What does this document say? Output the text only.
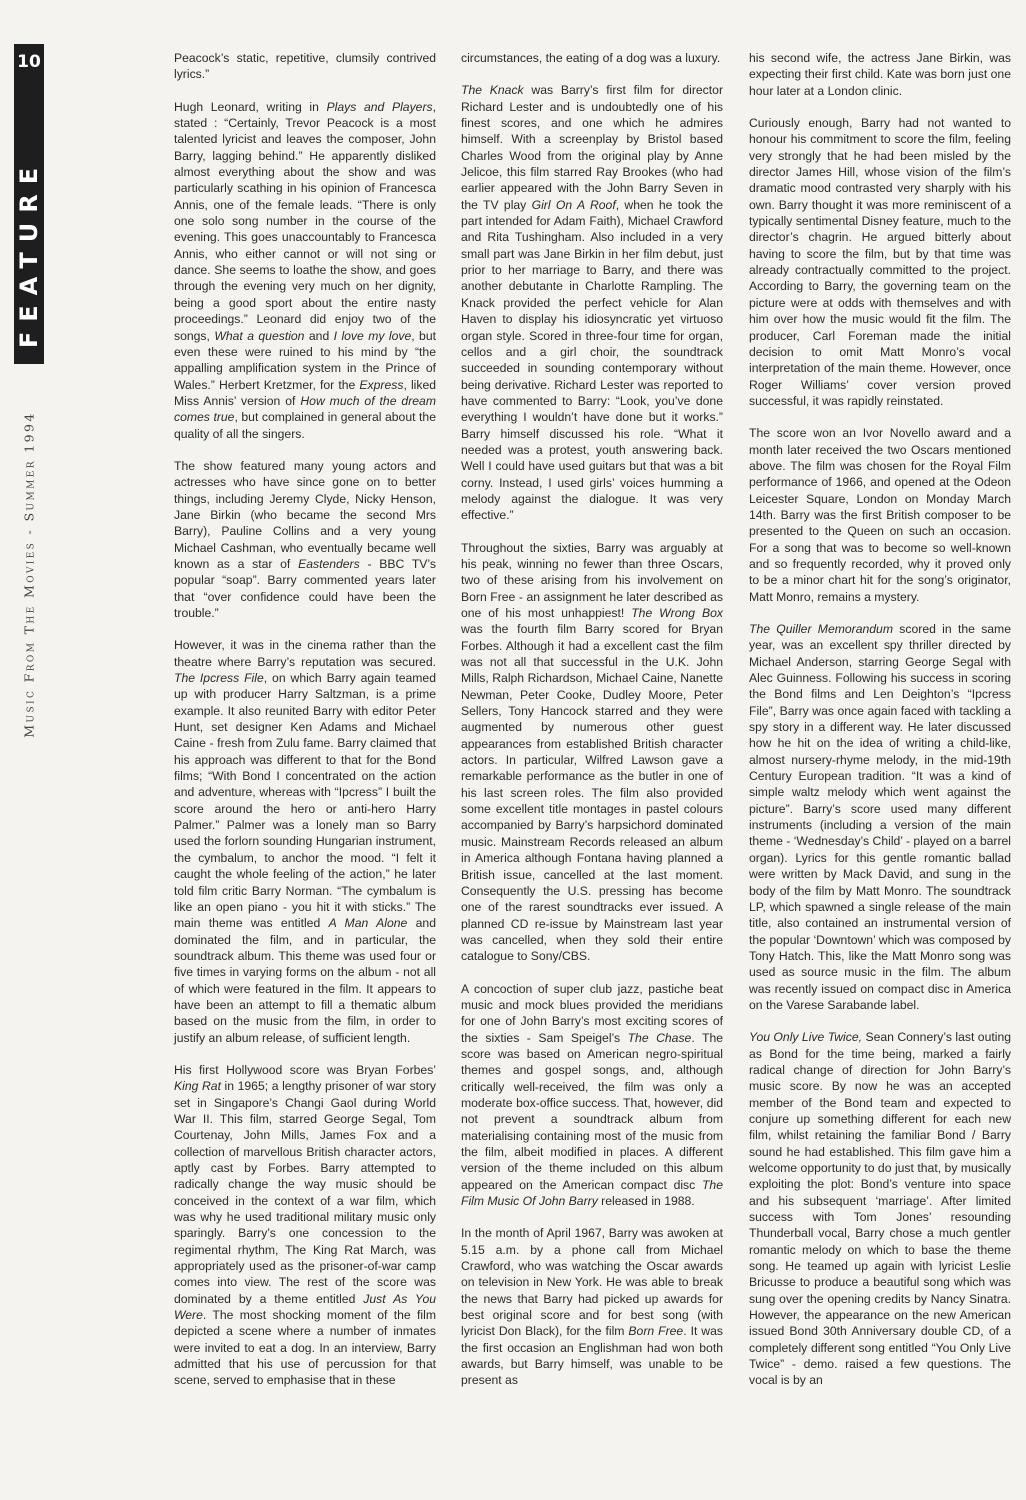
10
FEATURE
Music From The Movies - Summer 1994

Peacock’s static, repetitive, clumsily contrived lyrics.”

Hugh Leonard, writing in Plays and Players, stated : “Certainly, Trevor Peacock is a most talented lyricist and leaves the composer, John Barry, lagging behind.” He apparently disliked almost everything about the show and was particularly scathing in his opinion of Francesca Annis, one of the female leads. “There is only one solo song number in the course of the evening. This goes unaccountably to Francesca Annis, who either cannot or will not sing or dance. She seems to loathe the show, and goes through the evening very much on her dignity, being a good sport about the entire nasty proceedings.” Leonard did enjoy two of the songs, What a question and I love my love, but even these were ruined to his mind by “the appalling amplification system in the Prince of Wales.” Herbert Kretzmer, for the Express, liked Miss Annis’ version of How much of the dream comes true, but complained in general about the quality of all the singers.

The show featured many young actors and actresses who have since gone on to better things, including Jeremy Clyde, Nicky Henson, Jane Birkin (who became the second Mrs Barry), Pauline Collins and a very young Michael Cashman, who eventually became well known as a star of Eastenders - BBC TV’s popular “soap”. Barry commented years later that “over confidence could have been the trouble.”

However, it was in the cinema rather than the theatre where Barry’s reputation was secured. The Ipcress File, on which Barry again teamed up with producer Harry Saltzman, is a prime example. It also reunited Barry with editor Peter Hunt, set designer Ken Adams and Michael Caine - fresh from Zulu fame. Barry claimed that his approach was different to that for the Bond films; “With Bond I concentrated on the action and adventure, whereas with “Ipcress” I built the score around the hero or anti-hero Harry Palmer.” Palmer was a lonely man so Barry used the forlorn sounding Hungarian instrument, the cymbalum, to anchor the mood. “I felt it caught the whole feeling of the action,” he later told film critic Barry Norman. “The cymbalum is like an open piano - you hit it with sticks.” The main theme was entitled A Man Alone and dominated the film, and in particular, the soundtrack album. This theme was used four or five times in varying forms on the album - not all of which were featured in the film. It appears to have been an attempt to fill a thematic album based on the music from the film, in order to justify an album release, of sufficient length.

His first Hollywood score was Bryan Forbes’ King Rat in 1965; a lengthy prisoner of war story set in Singapore’s Changi Gaol during World War II. This film, starred George Segal, Tom Courtenay, John Mills, James Fox and a collection of marvellous British character actors, aptly cast by Forbes. Barry attempted to radically change the way music should be conceived in the context of a war film, which was why he used traditional military music only sparingly. Barry’s one concession to the regimental rhythm, The King Rat March, was appropriately used as the prisoner-of-war camp comes into view. The rest of the score was dominated by a theme entitled Just As You Were. The most shocking moment of the film depicted a scene where a number of inmates were invited to eat a dog. In an interview, Barry admitted that his use of percussion for that scene, served to emphasise that in these

circumstances, the eating of a dog was a luxury.

The Knack was Barry’s first film for director Richard Lester and is undoubtedly one of his finest scores, and one which he admires himself. With a screenplay by Bristol based Charles Wood from the original play by Anne Jelicoe, this film starred Ray Brookes (who had earlier appeared with the John Barry Seven in the TV play Girl On A Roof, when he took the part intended for Adam Faith), Michael Crawford and Rita Tushingham. Also included in a very small part was Jane Birkin in her film debut, just prior to her marriage to Barry, and there was another debutante in Charlotte Rampling. The Knack provided the perfect vehicle for Alan Haven to display his idiosyncratic yet virtuoso organ style. Scored in three-four time for organ, cellos and a girl choir, the soundtrack succeeded in sounding contemporary without being derivative. Richard Lester was reported to have commented to Barry: “Look, you’ve done everything I wouldn’t have done but it works.” Barry himself discussed his role. “What it needed was a protest, youth answering back. Well I could have used guitars but that was a bit corny. Instead, I used girls’ voices humming a melody against the dialogue. It was very effective.”

Throughout the sixties, Barry was arguably at his peak, winning no fewer than three Oscars, two of these arising from his involvement on Born Free - an assignment he later described as one of his most unhappiest! The Wrong Box was the fourth film Barry scored for Bryan Forbes. Although it had a excellent cast the film was not all that successful in the U.K. John Mills, Ralph Richardson, Michael Caine, Nanette Newman, Peter Cooke, Dudley Moore, Peter Sellers, Tony Hancock starred and they were augmented by numerous other guest appearances from established British character actors. In particular, Wilfred Lawson gave a remarkable performance as the butler in one of his last screen roles. The film also provided some excellent title montages in pastel colours accompanied by Barry’s harpsichord dominated music. Mainstream Records released an album in America although Fontana having planned a British issue, cancelled at the last moment. Consequently the U.S. pressing has become one of the rarest soundtracks ever issued. A planned CD re-issue by Mainstream last year was cancelled, when they sold their entire catalogue to Sony/CBS.

A concoction of super club jazz, pastiche beat music and mock blues provided the meridians for one of John Barry’s most exciting scores of the sixties - Sam Speigel’s The Chase. The score was based on American negro-spiritual themes and gospel songs, and, although critically well-received, the film was only a moderate box-office success. That, however, did not prevent a soundtrack album from materialising containing most of the music from the film, albeit modified in places. A different version of the theme included on this album appeared on the American compact disc The Film Music Of John Barry released in 1988.

In the month of April 1967, Barry was awoken at 5.15 a.m. by a phone call from Michael Crawford, who was watching the Oscar awards on television in New York. He was able to break the news that Barry had picked up awards for best original score and for best song (with lyricist Don Black), for the film Born Free. It was the first occasion an Englishman had won both awards, but Barry himself, was unable to be present as

his second wife, the actress Jane Birkin, was expecting their first child. Kate was born just one hour later at a London clinic.

Curiously enough, Barry had not wanted to honour his commitment to score the film, feeling very strongly that he had been misled by the director James Hill, whose vision of the film’s dramatic mood contrasted very sharply with his own. Barry thought it was more reminiscent of a typically sentimental Disney feature, much to the director’s chagrin. He argued bitterly about having to score the film, but by that time was already contractually committed to the project. According to Barry, the governing team on the picture were at odds with themselves and with him over how the music would fit the film. The producer, Carl Foreman made the initial decision to omit Matt Monro’s vocal interpretation of the main theme. However, once Roger Williams’ cover version proved successful, it was rapidly reinstated.

The score won an Ivor Novello award and a month later received the two Oscars mentioned above. The film was chosen for the Royal Film performance of 1966, and opened at the Odeon Leicester Square, London on Monday March 14th. Barry was the first British composer to be presented to the Queen on such an occasion. For a song that was to become so well-known and so frequently recorded, why it proved only to be a minor chart hit for the song’s originator, Matt Monro, remains a mystery.

The Quiller Memorandum scored in the same year, was an excellent spy thriller directed by Michael Anderson, starring George Segal with Alec Guinness. Following his success in scoring the Bond films and Len Deighton’s “Ipcress File”, Barry was once again faced with tackling a spy story in a different way. He later discussed how he hit on the idea of writing a child-like, almost nursery-rhyme melody, in the mid-19th Century European tradition. “It was a kind of simple waltz melody which went against the picture”. Barry’s score used many different instruments (including a version of the main theme - ‘Wednesday’s Child’ - played on a barrel organ). Lyrics for this gentle romantic ballad were written by Mack David, and sung in the body of the film by Matt Monro. The soundtrack LP, which spawned a single release of the main title, also contained an instrumental version of the popular ‘Downtown’ which was composed by Tony Hatch. This, like the Matt Monro song was used as source music in the film. The album was recently issued on compact disc in America on the Varese Sarabande label.

You Only Live Twice, Sean Connery’s last outing as Bond for the time being, marked a fairly radical change of direction for John Barry’s music score. By now he was an accepted member of the Bond team and expected to conjure up something different for each new film, whilst retaining the familiar Bond / Barry sound he had established. This film gave him a welcome opportunity to do just that, by musically exploiting the plot: Bond’s venture into space and his subsequent ‘marriage’. After limited success with Tom Jones’ resounding Thunderball vocal, Barry chose a much gentler romantic melody on which to base the theme song. He teamed up again with lyricist Leslie Bricusse to produce a beautiful song which was sung over the opening credits by Nancy Sinatra. However, the appearance on the new American issued Bond 30th Anniversary double CD, of a completely different song entitled “You Only Live Twice” - demo. raised a few questions. The vocal is by an
